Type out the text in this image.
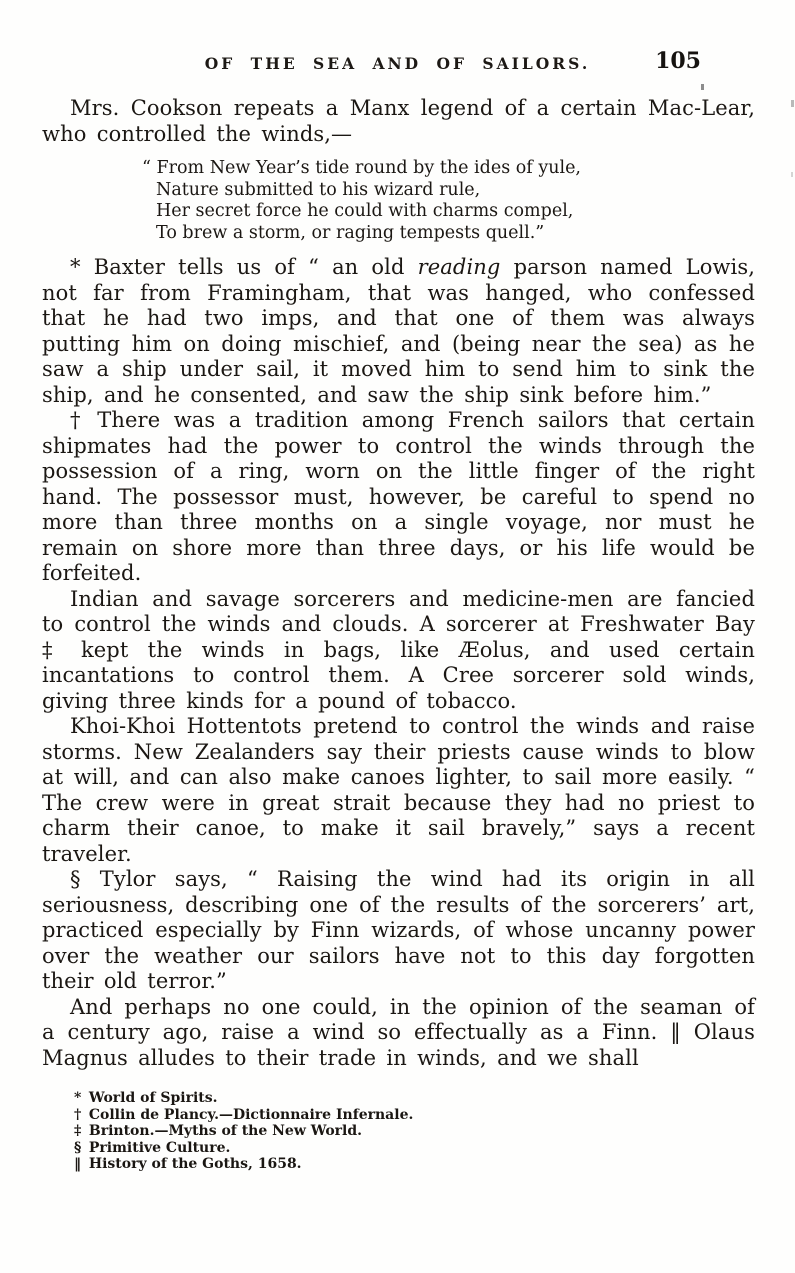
OF THE SEA AND OF SAILORS.	105

Mrs. Cookson repeats a Manx legend of a certain Mac-Lear, who controlled the winds,—

“ From New Year’s tide round by the ides of yule,
Nature submitted to his wizard rule,
Her secret force he could with charms compel,
To brew a storm, or raging tempests quell.”

* Baxter tells us of “ an old reading parson named Lowis, not far from Framingham, that was hanged, who confessed that he had two imps, and that one of them was always putting him on doing mischief, and (being near the sea) as he saw a ship under sail, it moved him to send him to sink the ship, and he consented, and saw the ship sink before him.”

† There was a tradition among French sailors that certain shipmates had the power to control the winds through the possession of a ring, worn on the little finger of the right hand. The possessor must, however, be careful to spend no more than three months on a single voyage, nor must he remain on shore more than three days, or his life would be forfeited.

Indian and savage sorcerers and medicine-men are fancied to control the winds and clouds. A sorcerer at Freshwater Bay ‡ kept the winds in bags, like Æolus, and used certain incantations to control them. A Cree sorcerer sold winds, giving three kinds for a pound of tobacco.

Khoi-Khoi Hottentots pretend to control the winds and raise storms. New Zealanders say their priests cause winds to blow at will, and can also make canoes lighter, to sail more easily. “ The crew were in great strait because they had no priest to charm their canoe, to make it sail bravely,” says a recent traveler.

§ Tylor says, “ Raising the wind had its origin in all seriousness, describing one of the results of the sorcerers’ art, practiced especially by Finn wizards, of whose uncanny power over the weather our sailors have not to this day forgotten their old terror.”

And perhaps no one could, in the opinion of the seaman of a century ago, raise a wind so effectually as a Finn. ‖ Olaus Magnus alludes to their trade in winds, and we shall

* World of Spirits.
† Collin de Plancy.—Dictionnaire Infernale.
‡ Brinton.—Myths of the New World.
§ Primitive Culture.
‖ History of the Goths, 1658.
